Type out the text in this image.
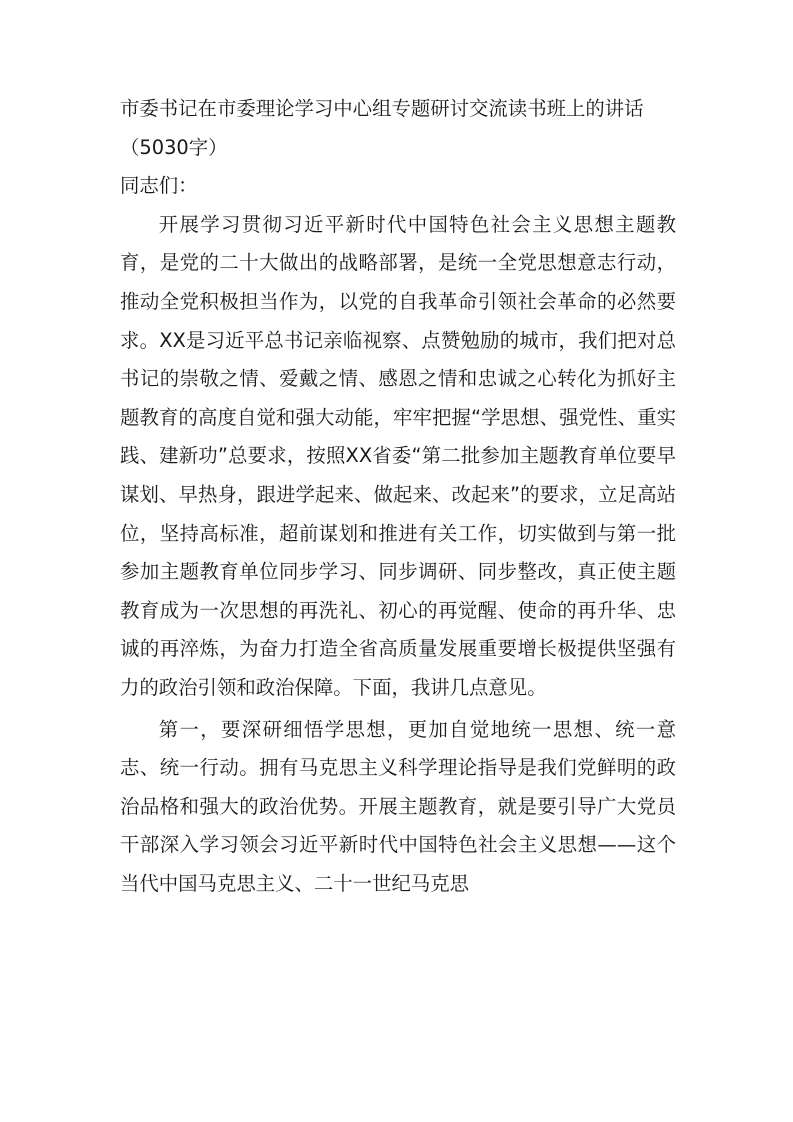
市委书记在市委理论学习中心组专题研讨交流读书班上的讲话（5030字）

同志们：

开展学习贯彻习近平新时代中国特色社会主义思想主题教育，是党的二十大做出的战略部署，是统一全党思想意志行动，推动全党积极担当作为，以党的自我革命引领社会革命的必然要求。XX是习近平总书记亲临视察、点赞勉励的城市，我们把对总书记的崇敬之情、爱戴之情、感恩之情和忠诚之心转化为抓好主题教育的高度自觉和强大动能，牢牢把握“学思想、强党性、重实践、建新功”总要求，按照XX省委“第二批参加主题教育单位要早谋划、早热身，跟进学起来、做起来、改起来”的要求，立足高站位，坚持高标准，超前谋划和推进有关工作，切实做到与第一批参加主题教育单位同步学习、同步调研、同步整改，真正使主题教育成为一次思想的再洗礼、初心的再觉醒、使命的再升华、忠诚的再淬炼，为奋力打造全省高质量发展重要增长极提供坚强有力的政治引领和政治保障。下面，我讲几点意见。

第一，要深研细悟学思想，更加自觉地统一思想、统一意志、统一行动。拥有马克思主义科学理论指导是我们党鲜明的政治品格和强大的政治优势。开展主题教育，就是要引导广大党员干部深入学习领会习近平新时代中国特色社会主义思想——这个当代中国马克思主义、二十一世纪马克思
